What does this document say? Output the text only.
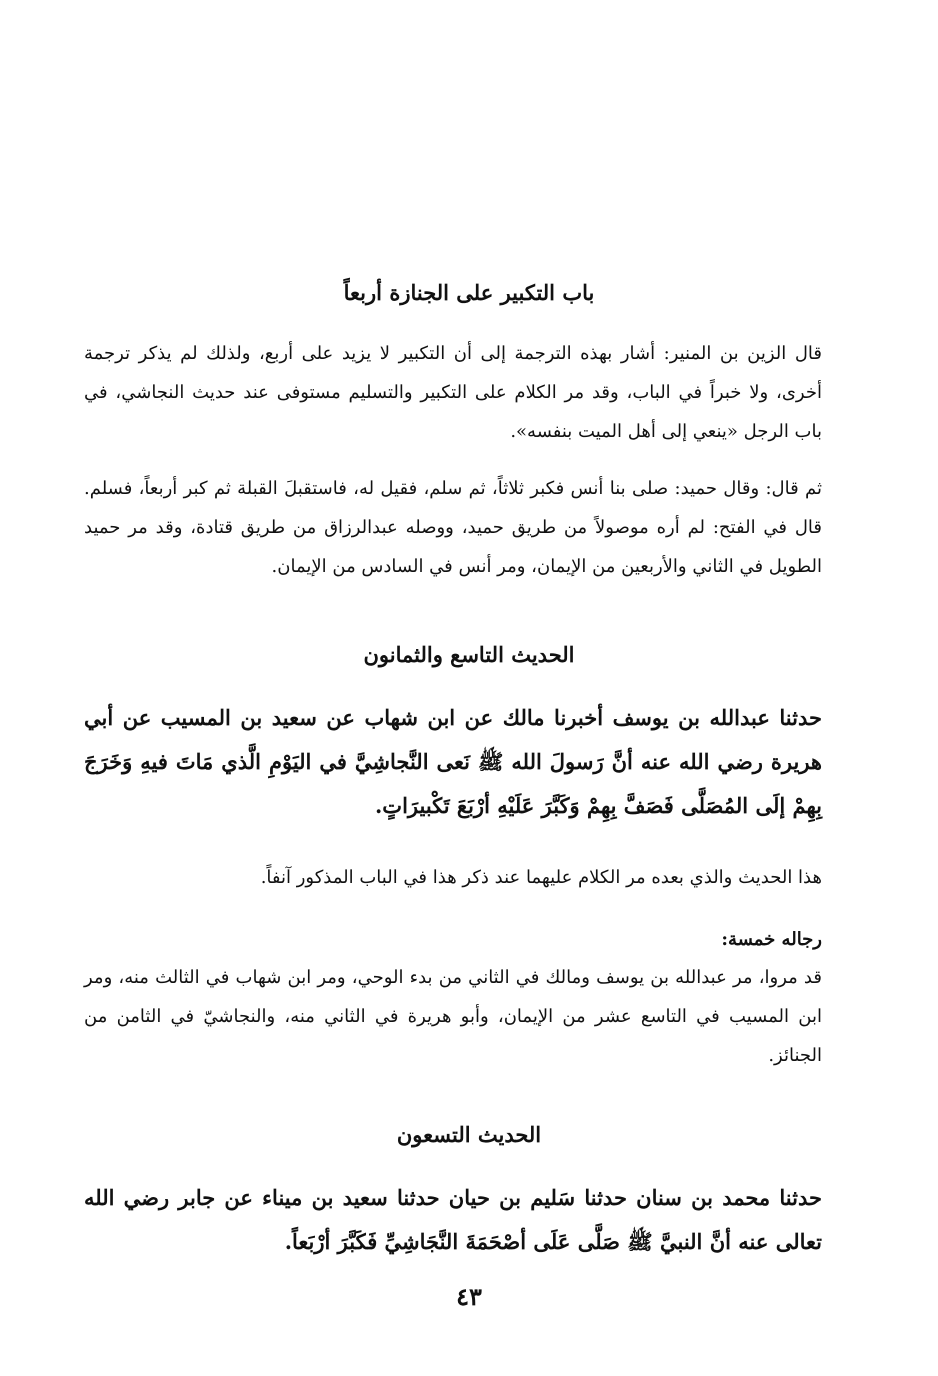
باب التكبير على الجنازة أربعاً
قال الزين بن المنير: أشار بهذه الترجمة إلى أن التكبير لا يزيد على أربع، ولذلك لم يذكر ترجمة أخرى، ولا خبراً في الباب، وقد مر الكلام على التكبير والتسليم مستوفى عند حديث النجاشي، في باب الرجل «ينعي إلى أهل الميت بنفسه».
ثم قال: وقال حميد: صلى بنا أنس فكبر ثلاثاً، ثم سلم، فقيل له، فاستقبلَ القبلة ثم كبر أربعاً، فسلم. قال في الفتح: لم أره موصولاً من طريق حميد، ووصله عبدالرزاق من طريق قتادة، وقد مر حميد الطويل في الثاني والأربعين من الإيمان، ومر أنس في السادس من الإيمان.
الحديث التاسع والثمانون
حدثنا عبدالله بن يوسف أخبرنا مالك عن ابن شهاب عن سعيد بن المسيب عن أبي هريرة رضي الله عنه أنَّ رَسولَ الله ﷺ نَعى النَّجاشِيَّ في اليَوْمِ الَّذي مَاتَ فيهِ وَخَرَجَ بِهِمْ إلَى المُصَلَّى فَصَفَّ بِهِمْ وَكَبَّرَ عَلَيْهِ أرْبَعَ تَكْبيرَاتٍ.
هذا الحديث والذي بعده مر الكلام عليهما عند ذكر هذا في الباب المذكور آنفاً.
رجاله خمسة:
قد مروا، مر عبدالله بن يوسف ومالك في الثاني من بدء الوحي، ومر ابن شهاب في الثالث منه، ومر ابن المسيب في التاسع عشر من الإيمان، وأبو هريرة في الثاني منه، والنجاشيّ في الثامن من الجنائز.
الحديث التسعون
حدثنا محمد بن سنان حدثنا سَليم بن حيان حدثنا سعيد بن ميناء عن جابر رضي الله تعالى عنه أنَّ النبيَّ ﷺ صَلَّى عَلَى أصْحَمَةَ النَّجَاشِيِّ فَكَبَّرَ أرْبَعاً.
٤٣
